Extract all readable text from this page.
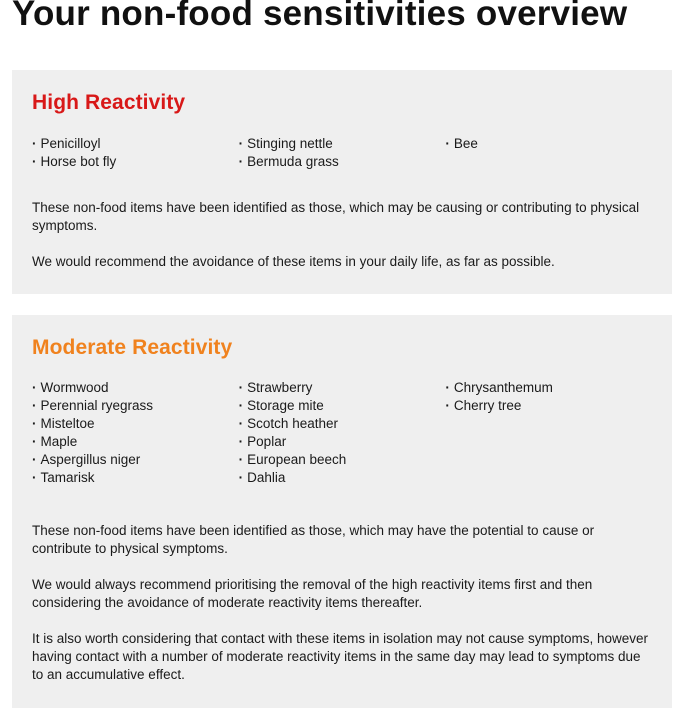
Your non-food sensitivities overview
High Reactivity
· Penicilloyl
· Horse bot fly
· Stinging nettle
· Bermuda grass
· Bee

These non-food items have been identified as those, which may be causing or contributing to physical symptoms.

We would recommend the avoidance of these items in your daily life, as far as possible.

Moderate Reactivity
· Wormwood
· Perennial ryegrass
· Misteltoe
· Maple
· Aspergillus niger
· Tamarisk
· Strawberry
· Storage mite
· Scotch heather
· Poplar
· European beech
· Dahlia
· Chrysanthemum
· Cherry tree

These non-food items have been identified as those, which may have the potential to cause or contribute to physical symptoms.

We would always recommend prioritising the removal of the high reactivity items first and then considering the avoidance of moderate reactivity items thereafter.

It is also worth considering that contact with these items in isolation may not cause symptoms, however having contact with a number of moderate reactivity items in the same day may lead to symptoms due to an accumulative effect.
